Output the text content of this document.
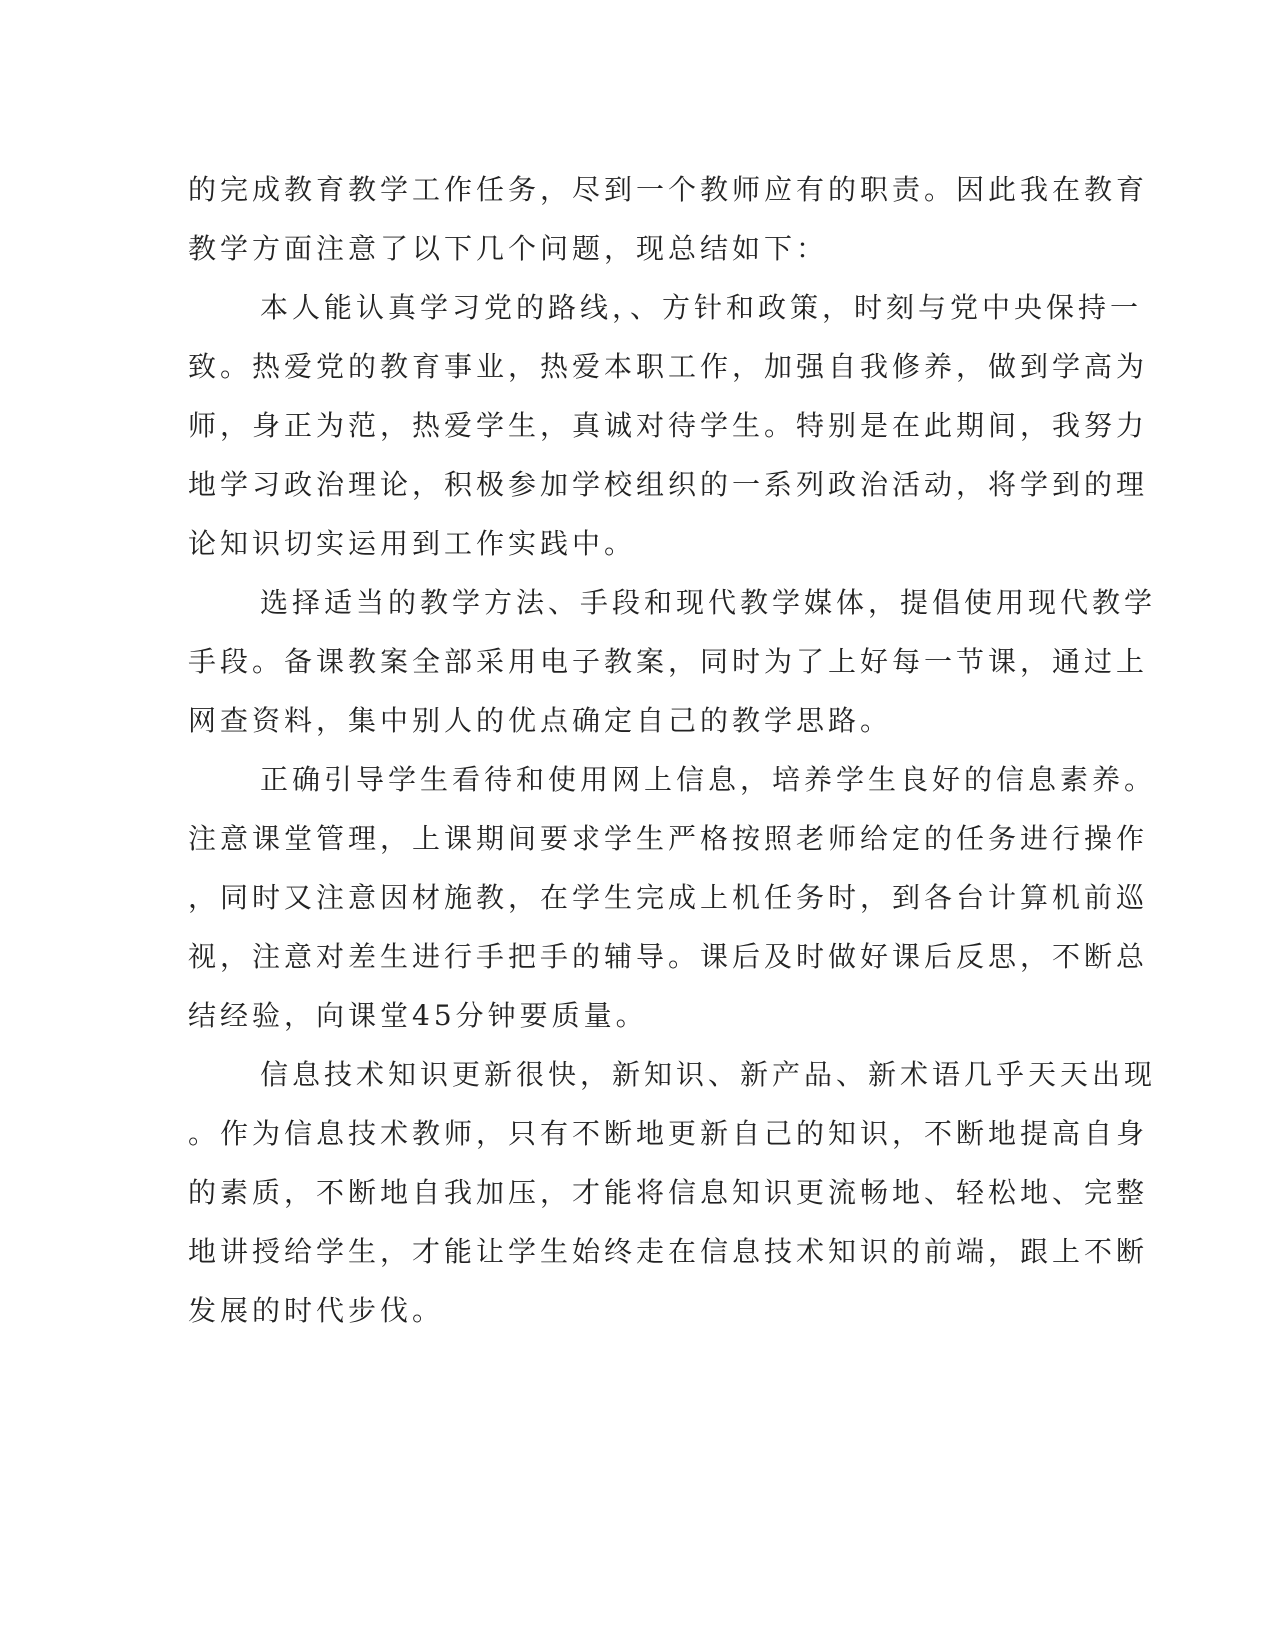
的完成教育教学工作任务，尽到一个教师应有的职责。因此我在教育
教学方面注意了以下几个问题，现总结如下：
本人能认真学习党的路线，、方针和政策，时刻与党中央保持一
致。热爱党的教育事业，热爱本职工作，加强自我修养，做到学高为
师，身正为范，热爱学生，真诚对待学生。特别是在此期间，我努力
地学习政治理论，积极参加学校组织的一系列政治活动，将学到的理
论知识切实运用到工作实践中。
选择适当的教学方法、手段和现代教学媒体，提倡使用现代教学
手段。备课教案全部采用电子教案，同时为了上好每一节课，通过上
网查资料，集中别人的优点确定自己的教学思路。
正确引导学生看待和使用网上信息，培养学生良好的信息素养。
注意课堂管理，上课期间要求学生严格按照老师给定的任务进行操作
，同时又注意因材施教，在学生完成上机任务时，到各台计算机前巡
视，注意对差生进行手把手的辅导。课后及时做好课后反思，不断总
结经验，向课堂45分钟要质量。
信息技术知识更新很快，新知识、新产品、新术语几乎天天出现
。作为信息技术教师，只有不断地更新自己的知识，不断地提高自身
的素质，不断地自我加压，才能将信息知识更流畅地、轻松地、完整
地讲授给学生，才能让学生始终走在信息技术知识的前端，跟上不断
发展的时代步伐。
